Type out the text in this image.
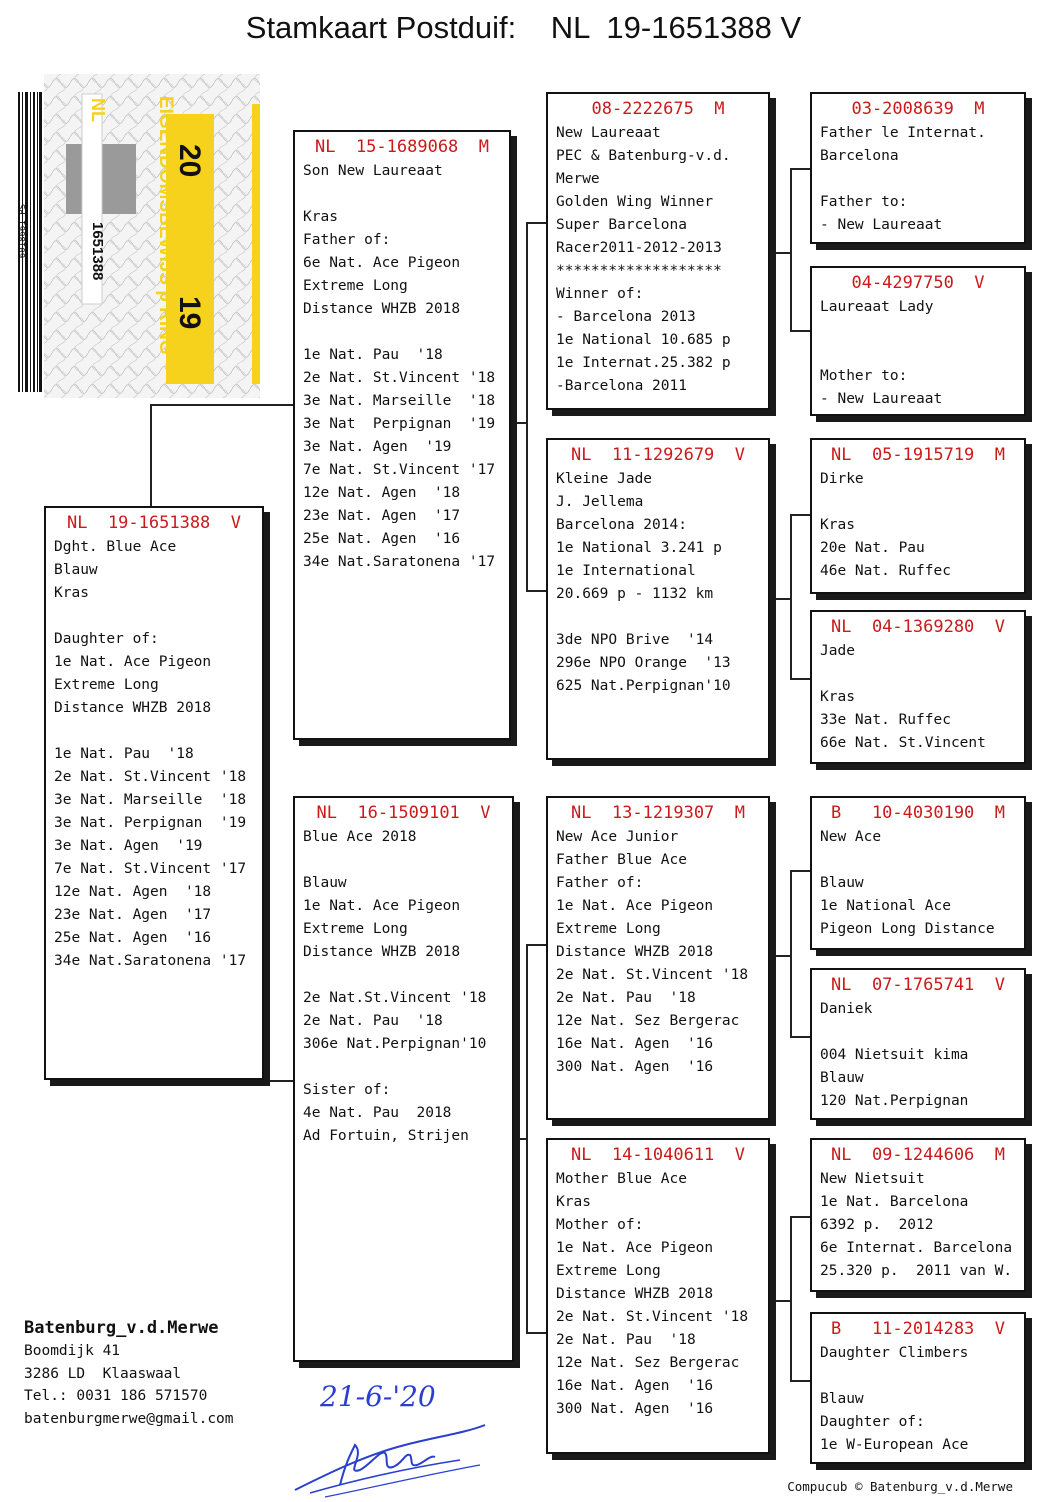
Stamkaart Postduif:    NL  19-1651388 V
NL EIGENDOMSBEWIJS p RING
20
19
1651388
6018661 PS
NL  19-1651388  V
Dght. Blue Ace
Blauw
Kras
Daughter of:
1e Nat. Ace Pigeon
Extreme Long
Distance WHZB 2018
1e Nat. Pau  '18
2e Nat. St.Vincent '18
3e Nat. Marseille  '18
3e Nat. Perpignan  '19
3e Nat. Agen  '19
7e Nat. St.Vincent '17
12e Nat. Agen  '18
23e Nat. Agen  '17
25e Nat. Agen  '16
34e Nat.Saratonena '17
NL  15-1689068  M
Son New Laureaat
Kras
Father of:
6e Nat. Ace Pigeon
Extreme Long
Distance WHZB 2018
1e Nat. Pau  '18
2e Nat. St.Vincent '18
3e Nat. Marseille  '18
3e Nat  Perpignan  '19
3e Nat. Agen  '19
7e Nat. St.Vincent '17
12e Nat. Agen  '18
23e Nat. Agen  '17
25e Nat. Agen  '16
34e Nat.Saratonena '17
NL  16-1509101  V
Blue Ace 2018
Blauw
1e Nat. Ace Pigeon
Extreme Long
Distance WHZB 2018
2e Nat.St.Vincent '18
2e Nat. Pau  '18
306e Nat.Perpignan'10
Sister of:
4e Nat. Pau  2018
Ad Fortuin, Strijen
08-2222675  M
New Laureaat
PEC & Batenburg-v.d.
Merwe
Golden Wing Winner
Super Barcelona
Racer2011-2012-2013
*******************
Winner of:
- Barcelona 2013
1e National 10.685 p
1e Internat.25.382 p
-Barcelona 2011
NL  11-1292679  V
Kleine Jade
J. Jellema
Barcelona 2014:
1e National 3.241 p
1e International
20.669 p - 1132 km
3de NPO Brive  '14
296e NPO Orange  '13
625 Nat.Perpignan'10
NL  13-1219307  M
New Ace Junior
Father Blue Ace
Father of:
1e Nat. Ace Pigeon
Extreme Long
Distance WHZB 2018
2e Nat. St.Vincent '18
2e Nat. Pau  '18
12e Nat. Sez Bergerac
16e Nat. Agen  '16
300 Nat. Agen  '16
NL  14-1040611  V
Mother Blue Ace
Kras
Mother of:
1e Nat. Ace Pigeon
Extreme Long
Distance WHZB 2018
2e Nat. St.Vincent '18
2e Nat. Pau  '18
12e Nat. Sez Bergerac
16e Nat. Agen  '16
300 Nat. Agen  '16
03-2008639  M
Father le Internat.
Barcelona
Father to:
- New Laureaat
04-4297750  V
Laureaat Lady
Mother to:
- New Laureaat
NL  05-1915719  M
Dirke
Kras
20e Nat. Pau
46e Nat. Ruffec
NL  04-1369280  V
Jade
Kras
33e Nat. Ruffec
66e Nat. St.Vincent
B   10-4030190  M
New Ace
Blauw
1e National Ace
Pigeon Long Distance
NL  07-1765741  V
Daniek
004 Nietsuit kima
Blauw
120 Nat.Perpignan
NL  09-1244606  M
New Nietsuit
1e Nat. Barcelona
6392 p.  2012
6e Internat. Barcelona
25.320 p.  2011 van W.
B   11-2014283  V
Daughter Climbers
Blauw
Daughter of:
1e W-European Ace
Batenburg_v.d.Merwe
Boomdijk 41
3286 LD  Klaaswaal
Tel.: 0031 186 571570
batenburgmerwe@gmail.com
21-6-'20
Compucub © Batenburg_v.d.Merwe
